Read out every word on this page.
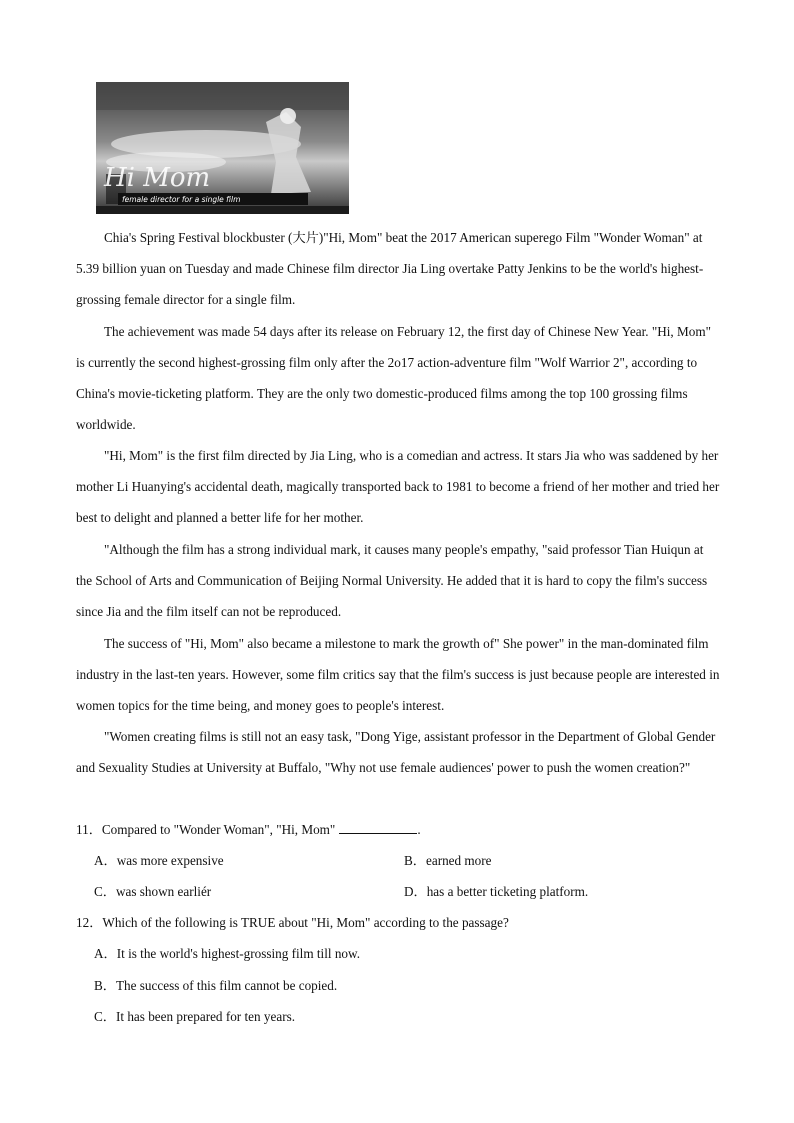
Hi Mom
female director for a single film

Chia's Spring Festival blockbuster (大片)"Hi, Mom" beat the 2017 American superego Film "Wonder Woman" at 5.39 billion yuan on Tuesday and made Chinese film director Jia Ling overtake Patty Jenkins to be the world's highest-grossing female director for a single film.

The achievement was made 54 days after its release on February 12, the first day of Chinese New Year. "Hi, Mom" is currently the second highest-grossing film only after the 2o17 action-adventure film "Wolf Warrior 2", according to China's movie-ticketing platform. They are the only two domestic-produced films among the top 100 grossing films worldwide.

"Hi, Mom" is the first film directed by Jia Ling, who is a comedian and actress. It stars Jia who was saddened by her mother Li Huanying's accidental death, magically transported back to 1981 to become a friend of her mother and tried her best to delight and planned a better life for her mother.

"Although the film has a strong individual mark, it causes many people's empathy, "said professor Tian Huiqun at the School of Arts and Communication of Beijing Normal University. He added that it is hard to copy the film's success since Jia and the film itself can not be reproduced.

The success of "Hi, Mom" also became a milestone to mark the growth of" She power" in the man-dominated film industry in the last-ten years. However, some film critics say that the film's success is just because people are interested in women topics for the time being, and money goes to people's interest.

"Women creating films is still not an easy task, "Dong Yige, assistant professor in the Department of Global Gender and Sexuality Studies at University at Buffalo, "Why not use female audiences' power to push the women creation?"

11．Compared to "Wonder Woman", "Hi, Mom"	.
A．was more expensive	B．earned more
C．was shown earliér	D．has a better ticketing platform.
12．Which of the following is TRUE about "Hi, Mom" according to the passage?
A．It is the world's highest-grossing film till now.
B．The success of this film cannot be copied.
C．It has been prepared for ten years.
